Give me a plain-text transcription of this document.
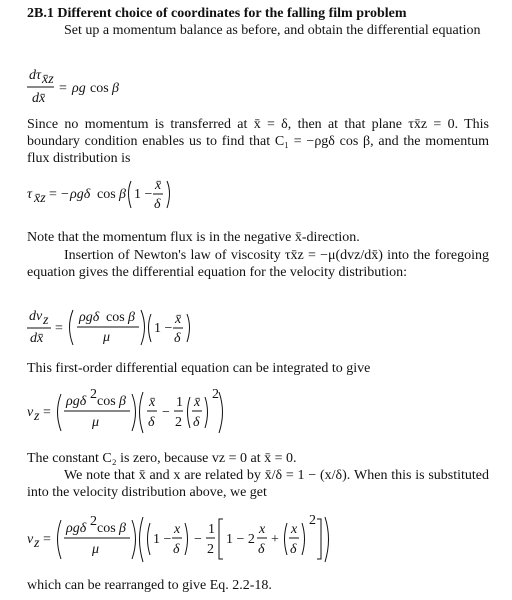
2B.1 Different choice of coordinates for the falling film problem
Set up a momentum balance as before, and obtain the differential equation
dτ x̄z
dx̄
= ρg cos β
Since no momentum is transferred at x̄ = δ, then at that plane τx̄z = 0. This boundary condition enables us to find that C₁ = −ρgδ cos β, and the momentum flux distribution is
τ x̄z = − ρgδ cos β 1 −
x̄
δ
Note that the momentum flux is in the negative x̄-direction.
Insertion of Newton's law of viscosity τx̄z = −μ(dvz/dx̄) into the foregoing equation gives the differential equation for the velocity distribution:
dv z
dx̄
=
ρgδ cos β
μ
1 −
x̄
δ
This first-order differential equation can be integrated to give
v z =
ρgδ 2 cos β
μ
x̄
δ
−
1
2
x̄
δ
2
The constant C₂ is zero, because vz = 0 at x̄ = 0.
We note that x̄ and x are related by x̄/δ = 1 − (x/δ). When this is substituted into the velocity distribution above, we get
v z =
ρgδ 2 cos β
μ
1 −
x
δ
−
1
2
1 − 2
x
δ
+
x
δ
2
which can be rearranged to give Eq. 2.2-18.
